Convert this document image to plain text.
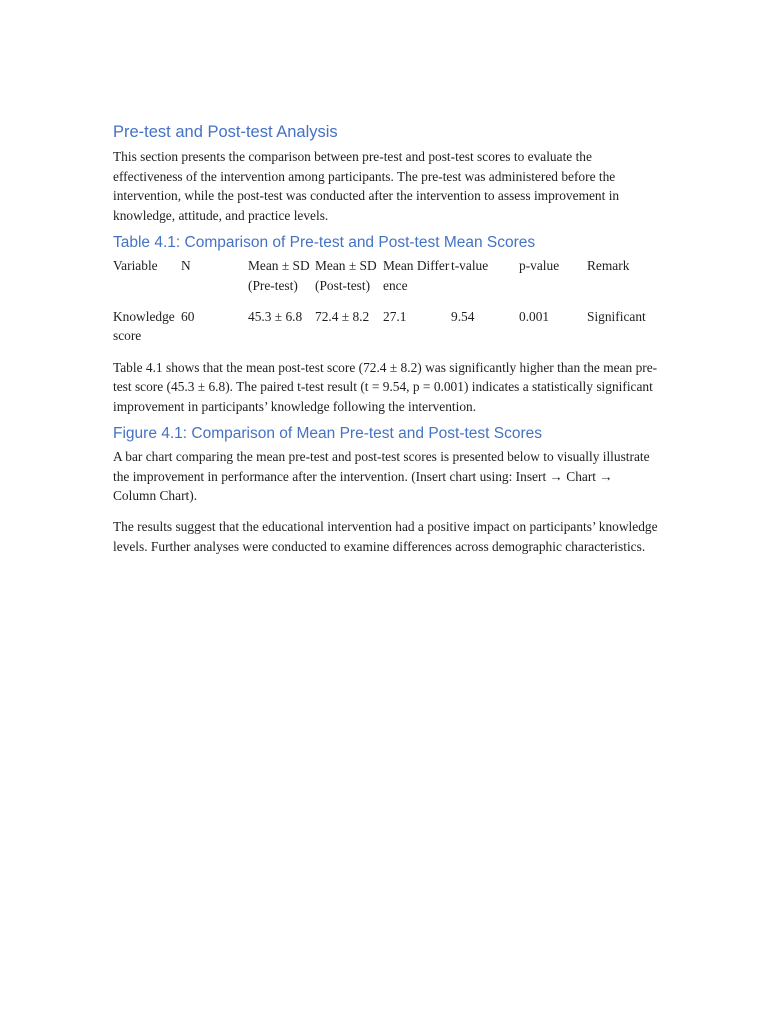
Pre-test and Post-test Analysis

This section presents the comparison between pre-test and post-test scores to evaluate the effectiveness of the intervention among participants. The pre-test was administered before the intervention, while the post-test was conducted after the intervention to assess improvement in knowledge, attitude, and practice levels.

Table 4.1: Comparison of Pre-test and Post-test Mean Scores
Variable	N	Mean ± SD (Pre-test)	Mean ± SD (Post-test)	Mean Difference	t-value	p-value	Remark
Knowledge score	60	45.3 ± 6.8	72.4 ± 8.2	27.1	9.54	0.001	Significant

Table 4.1 shows that the mean post-test score (72.4 ± 8.2) was significantly higher than the mean pre-test score (45.3 ± 6.8). The paired t-test result (t = 9.54, p = 0.001) indicates a statistically significant improvement in participants’ knowledge following the intervention.

Figure 4.1: Comparison of Mean Pre-test and Post-test Scores

A bar chart comparing the mean pre-test and post-test scores is presented below to visually illustrate the improvement in performance after the intervention. (Insert chart using: Insert → Chart → Column Chart).

The results suggest that the educational intervention had a positive impact on participants’ knowledge levels. Further analyses were conducted to examine differences across demographic characteristics.
